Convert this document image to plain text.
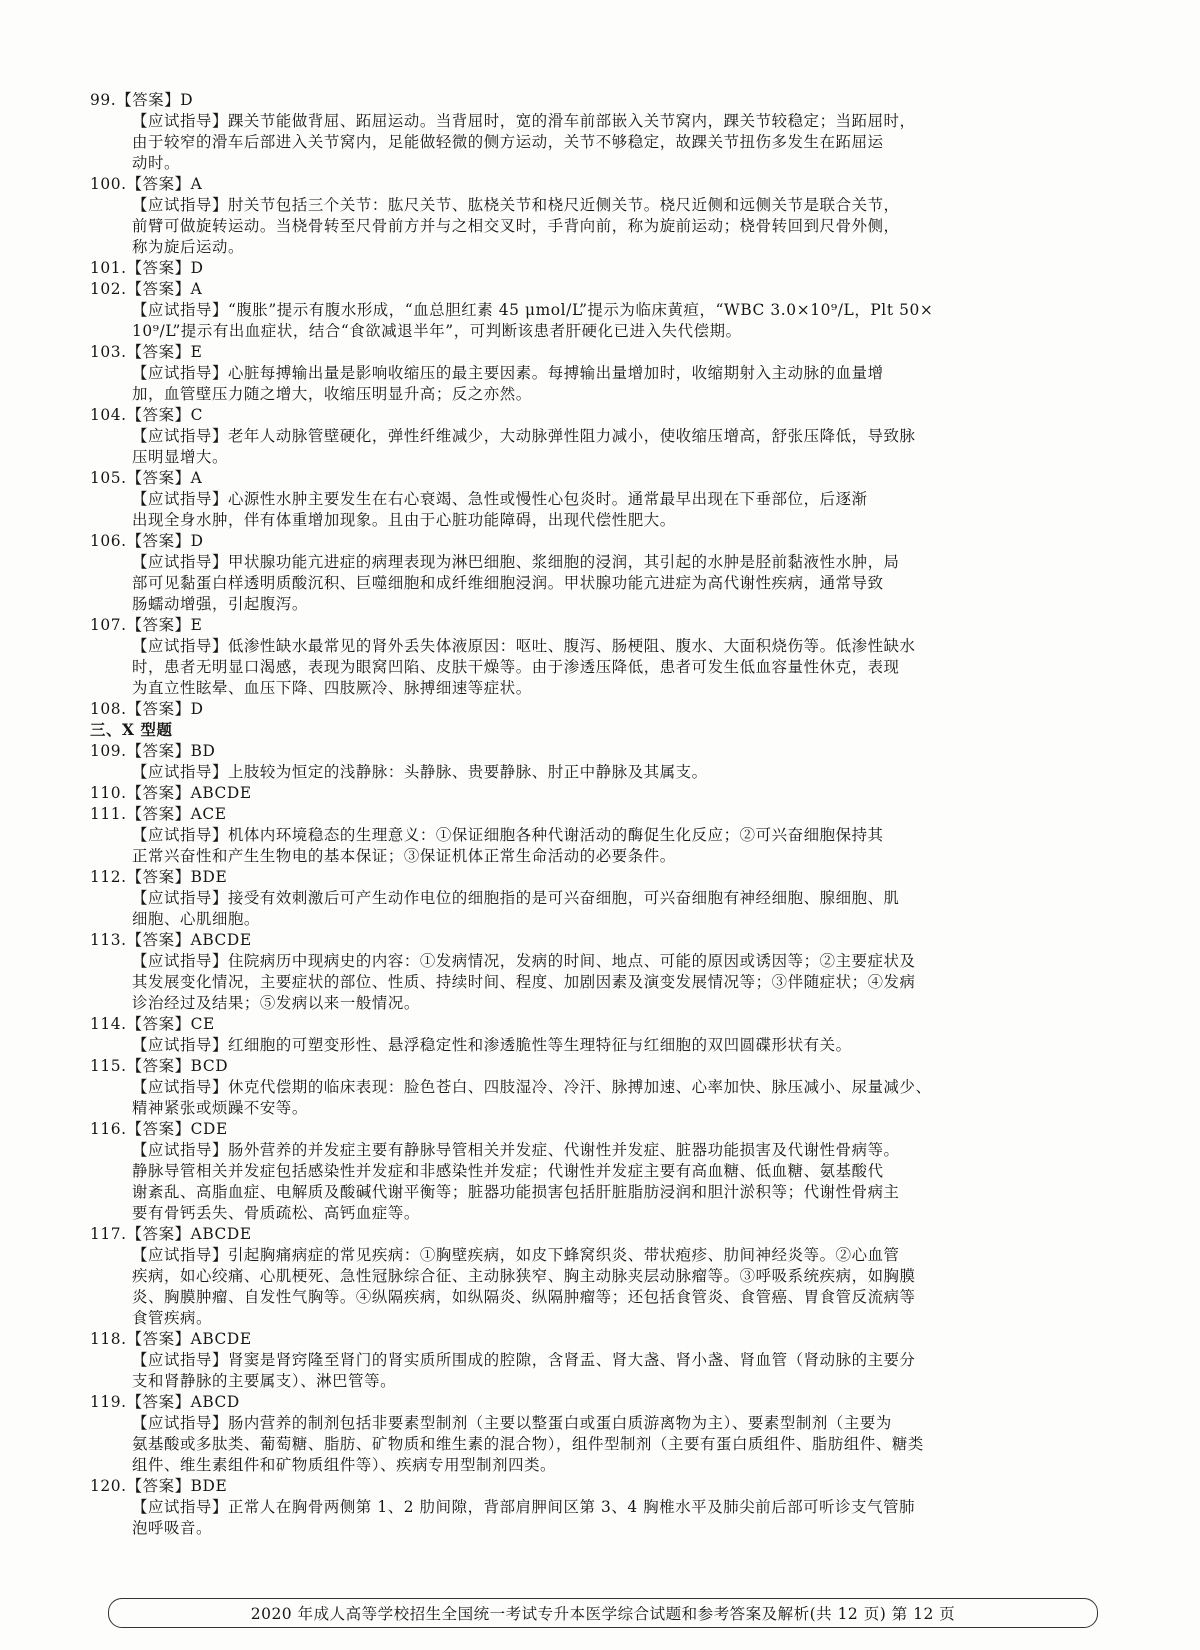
99.【答案】D
【应试指导】踝关节能做背屈、跖屈运动。当背屈时，宽的滑车前部嵌入关节窝内，踝关节较稳定；当跖屈时，
由于较窄的滑车后部进入关节窝内，足能做轻微的侧方运动，关节不够稳定，故踝关节扭伤多发生在跖屈运
动时。
100.【答案】A
【应试指导】肘关节包括三个关节：肱尺关节、肱桡关节和桡尺近侧关节。桡尺近侧和远侧关节是联合关节，
前臂可做旋转运动。当桡骨转至尺骨前方并与之相交叉时，手背向前，称为旋前运动；桡骨转回到尺骨外侧，
称为旋后运动。
101.【答案】D
102.【答案】A
【应试指导】“腹胀”提示有腹水形成，“血总胆红素 45 μmol/L”提示为临床黄疸，“WBC 3.0×10⁹/L，Plt 50×
10⁹/L”提示有出血症状，结合“食欲减退半年”，可判断该患者肝硬化已进入失代偿期。
103.【答案】E
【应试指导】心脏每搏输出量是影响收缩压的最主要因素。每搏输出量增加时，收缩期射入主动脉的血量增
加，血管壁压力随之增大，收缩压明显升高；反之亦然。
104.【答案】C
【应试指导】老年人动脉管壁硬化，弹性纤维减少，大动脉弹性阻力减小，使收缩压增高，舒张压降低，导致脉
压明显增大。
105.【答案】A
【应试指导】心源性水肿主要发生在右心衰竭、急性或慢性心包炎时。通常最早出现在下垂部位，后逐渐
出现全身水肿，伴有体重增加现象。且由于心脏功能障碍，出现代偿性肥大。
106.【答案】D
【应试指导】甲状腺功能亢进症的病理表现为淋巴细胞、浆细胞的浸润，其引起的水肿是胫前黏液性水肿，局
部可见黏蛋白样透明质酸沉积、巨噬细胞和成纤维细胞浸润。甲状腺功能亢进症为高代谢性疾病，通常导致
肠蠕动增强，引起腹泻。
107.【答案】E
【应试指导】低渗性缺水最常见的肾外丢失体液原因：呕吐、腹泻、肠梗阻、腹水、大面积烧伤等。低渗性缺水
时，患者无明显口渴感，表现为眼窝凹陷、皮肤干燥等。由于渗透压降低，患者可发生低血容量性休克，表现
为直立性眩晕、血压下降、四肢厥冷、脉搏细速等症状。
108.【答案】D
三、X 型题
109.【答案】BD
【应试指导】上肢较为恒定的浅静脉：头静脉、贵要静脉、肘正中静脉及其属支。
110.【答案】ABCDE
111.【答案】ACE
【应试指导】机体内环境稳态的生理意义：①保证细胞各种代谢活动的酶促生化反应；②可兴奋细胞保持其
正常兴奋性和产生生物电的基本保证；③保证机体正常生命活动的必要条件。
112.【答案】BDE
【应试指导】接受有效刺激后可产生动作电位的细胞指的是可兴奋细胞，可兴奋细胞有神经细胞、腺细胞、肌
细胞、心肌细胞。
113.【答案】ABCDE
【应试指导】住院病历中现病史的内容：①发病情况，发病的时间、地点、可能的原因或诱因等；②主要症状及
其发展变化情况，主要症状的部位、性质、持续时间、程度、加剧因素及演变发展情况等；③伴随症状；④发病
诊治经过及结果；⑤发病以来一般情况。
114.【答案】CE
【应试指导】红细胞的可塑变形性、悬浮稳定性和渗透脆性等生理特征与红细胞的双凹圆碟形状有关。
115.【答案】BCD
【应试指导】休克代偿期的临床表现：脸色苍白、四肢湿冷、冷汗、脉搏加速、心率加快、脉压减小、尿量减少、
精神紧张或烦躁不安等。
116.【答案】CDE
【应试指导】肠外营养的并发症主要有静脉导管相关并发症、代谢性并发症、脏器功能损害及代谢性骨病等。
静脉导管相关并发症包括感染性并发症和非感染性并发症；代谢性并发症主要有高血糖、低血糖、氨基酸代
谢紊乱、高脂血症、电解质及酸碱代谢平衡等；脏器功能损害包括肝脏脂肪浸润和胆汁淤积等；代谢性骨病主
要有骨钙丢失、骨质疏松、高钙血症等。
117.【答案】ABCDE
【应试指导】引起胸痛病症的常见疾病：①胸壁疾病，如皮下蜂窝织炎、带状疱疹、肋间神经炎等。②心血管
疾病，如心绞痛、心肌梗死、急性冠脉综合征、主动脉狭窄、胸主动脉夹层动脉瘤等。③呼吸系统疾病，如胸膜
炎、胸膜肿瘤、自发性气胸等。④纵隔疾病，如纵隔炎、纵隔肿瘤等；还包括食管炎、食管癌、胃食管反流病等
食管疾病。
118.【答案】ABCDE
【应试指导】肾窦是肾窍隆至肾门的肾实质所围成的腔隙，含肾盂、肾大盏、肾小盏、肾血管（肾动脉的主要分
支和肾静脉的主要属支）、淋巴管等。
119.【答案】ABCD
【应试指导】肠内营养的制剂包括非要素型制剂（主要以整蛋白或蛋白质游离物为主）、要素型制剂（主要为
氨基酸或多肽类、葡萄糖、脂肪、矿物质和维生素的混合物），组件型制剂（主要有蛋白质组件、脂肪组件、糖类
组件、维生素组件和矿物质组件等）、疾病专用型制剂四类。
120.【答案】BDE
【应试指导】正常人在胸骨两侧第 1、2 肋间隙，背部肩胛间区第 3、4 胸椎水平及肺尖前后部可听诊支气管肺
泡呼吸音。
2020 年成人高等学校招生全国统一考试专升本医学综合试题和参考答案及解析(共 12 页) 第 12 页
